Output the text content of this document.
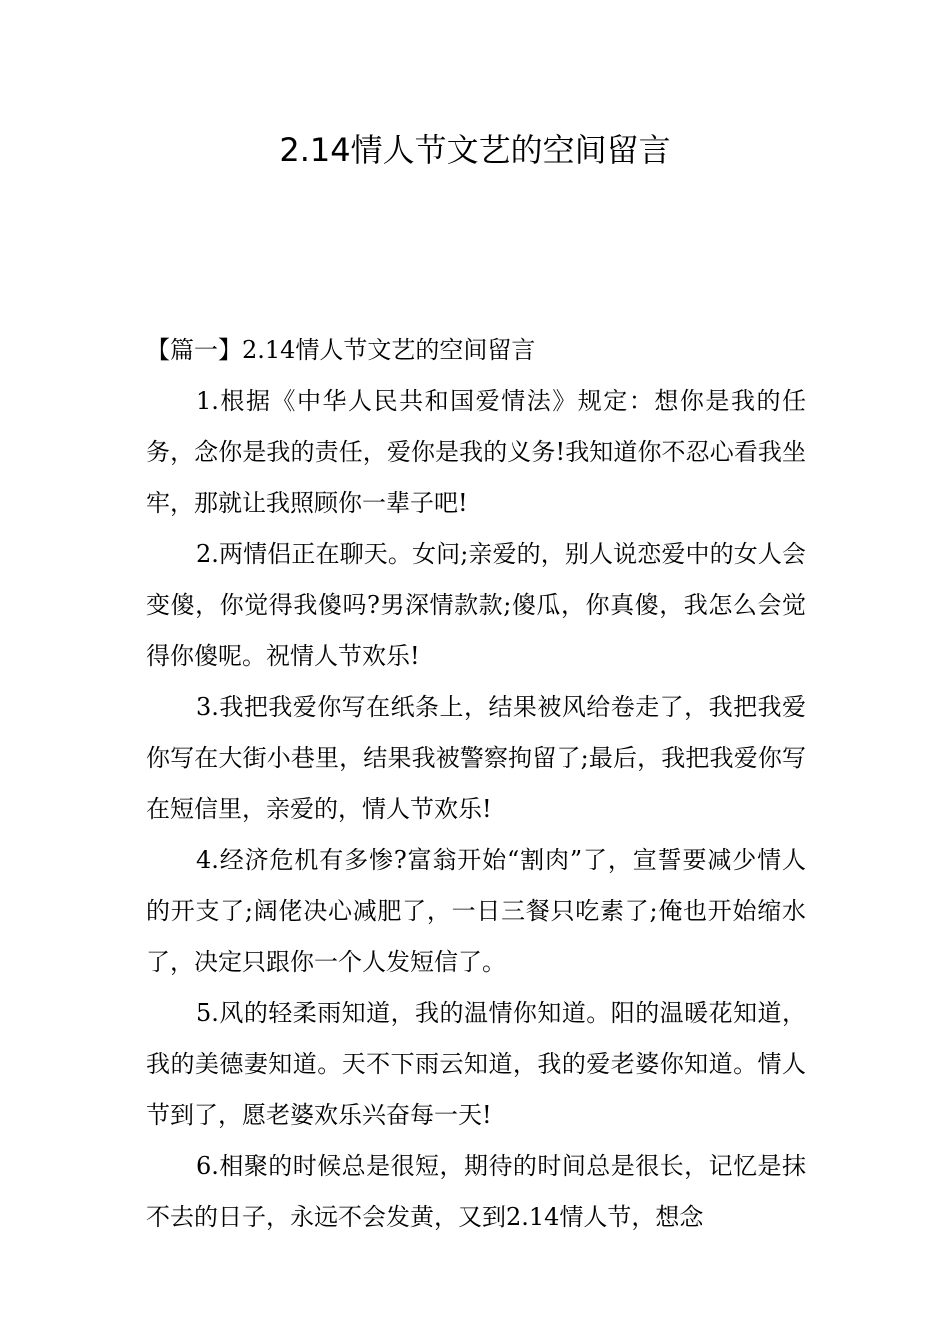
2.14情人节文艺的空间留言

【篇一】2.14情人节文艺的空间留言

1.根据《中华人民共和国爱情法》规定：想你是我的任务，念你是我的责任，爱你是我的义务!我知道你不忍心看我坐牢，那就让我照顾你一辈子吧!

2.两情侣正在聊天。女问;亲爱的，别人说恋爱中的女人会变傻，你觉得我傻吗?男深情款款;傻瓜，你真傻，我怎么会觉得你傻呢。祝情人节欢乐!

3.我把我爱你写在纸条上，结果被风给卷走了，我把我爱你写在大街小巷里，结果我被警察拘留了;最后，我把我爱你写在短信里，亲爱的，情人节欢乐!

4.经济危机有多惨?富翁开始“割肉”了，宣誓要减少情人的开支了;阔佬决心减肥了，一日三餐只吃素了;俺也开始缩水了，决定只跟你一个人发短信了。

5.风的轻柔雨知道，我的温情你知道。阳的温暖花知道，我的美德妻知道。天不下雨云知道，我的爱老婆你知道。情人节到了，愿老婆欢乐兴奋每一天!

6.相聚的时候总是很短，期待的时间总是很长，记忆是抹不去的日子，永远不会发黄，又到2.14情人节，想念
